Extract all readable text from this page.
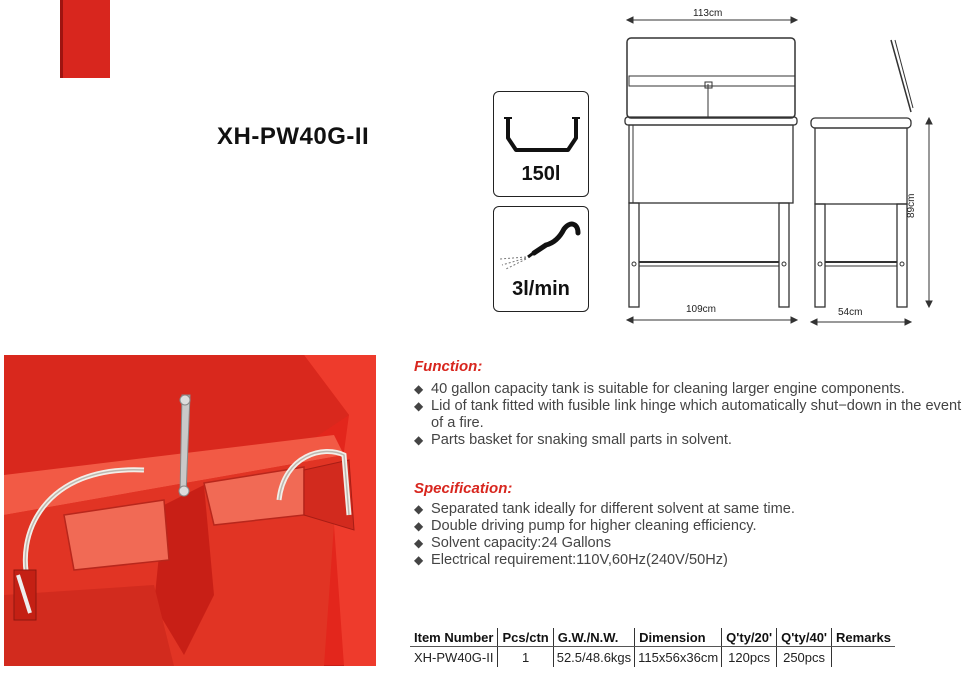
XH-PW40G-II
150l
3l/min
113cm
109cm	54cm
89cm
Function:
◆ 40 gallon capacity tank is suitable for cleaning larger engine components.
◆ Lid of tank fitted with fusible link hinge which automatically shut−down in the event of a fire.
◆ Parts basket for snaking small parts in solvent.
Specification:
◆ Separated tank ideally for different solvent at same time.
◆ Double driving pump for higher cleaning efficiency.
◆ Solvent capacity:24 Gallons
◆ Electrical requirement:110V,60Hz(240V/50Hz)
Item Number	Pcs/ctn	G.W./N.W.	Dimension	Q'ty/20'	Q'ty/40'	Remarks
XH-PW40G-II	1	52.5/48.6kgs	115x56x36cm	120pcs	250pcs	
